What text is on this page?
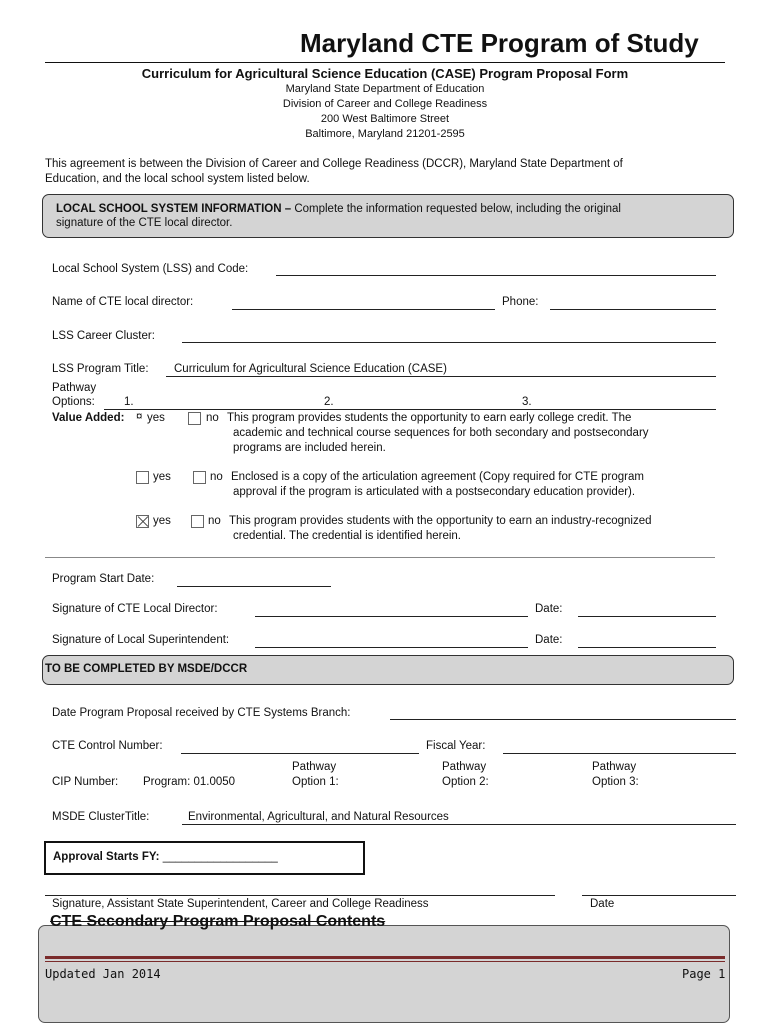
Maryland CTE Program of Study
Curriculum for Agricultural Science Education (CASE) Program Proposal Form
Maryland State Department of Education
Division of Career and College Readiness
200 West Baltimore Street
Baltimore, Maryland 21201-2595
This agreement is between the Division of Career and College Readiness (DCCR), Maryland State Department of
Education, and the local school system listed below.
LOCAL SCHOOL SYSTEM INFORMATION – Complete the information requested below, including the original
signature of the CTE local director.
Local School System (LSS) and Code:
Name of CTE local director:	Phone:
LSS Career Cluster:
LSS Program Title: Curriculum for Agricultural Science Education (CASE)
Pathway
Options:	1.	2.	3.
Value Added: ¤ yes	no This program provides students the opportunity to earn early college credit. The
academic and technical course sequences for both secondary and postsecondary
programs are included herein.
yes	no Enclosed is a copy of the articulation agreement (Copy required for CTE program
approval if the program is articulated with a postsecondary education provider).
yes	no This program provides students with the opportunity to earn an industry-recognized
credential. The credential is identified herein.
Program Start Date:
Signature of CTE Local Director:	Date:
Signature of Local Superintendent:	Date:
TO BE COMPLETED BY MSDE/DCCR
Date Program Proposal received by CTE Systems Branch:
CTE Control Number:	Fiscal Year:
CIP Number: Program: 01.0050
Pathway
Option 1:
Pathway
Option 2:
Pathway
Option 3:
MSDE ClusterTitle:	Environmental, Agricultural, and Natural Resources
Approval Starts FY: __________________
Signature, Assistant State Superintendent, Career and College Readiness	Date
CTE Secondary Program Proposal Contents
Updated Jan 2014	Page 1
